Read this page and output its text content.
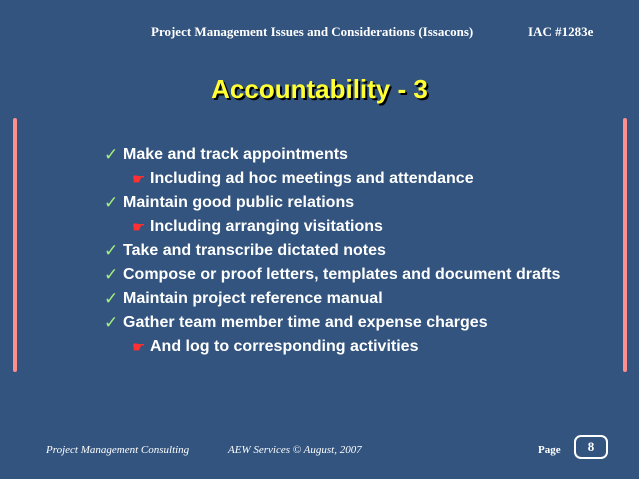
Project Management Issues and Considerations (Issacons)	IAC #1283e
Accountability - 3
✓ Make and track appointments
☛ Including ad hoc meetings and attendance
✓ Maintain good public relations
☛ Including arranging visitations
✓ Take and transcribe dictated notes
✓ Compose or proof letters, templates and document drafts
✓ Maintain project reference manual
✓ Gather team member time and expense charges
☛ And log to corresponding activities
Project Management Consulting	AEW Services © August, 2007	Page	8
